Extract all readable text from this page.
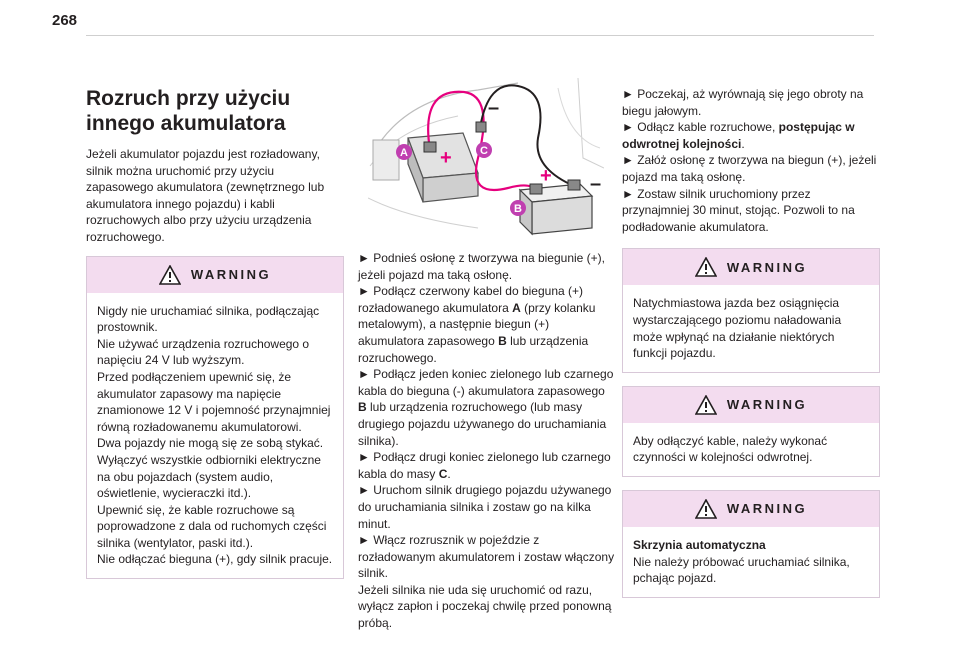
268
Rozruch przy użyciu innego akumulatora

Jeżeli akumulator pojazdu jest rozładowany, silnik można uruchomić przy użyciu zapasowego akumulatora (zewnętrznego lub akumulatora innego pojazdu) i kabli rozruchowych albo przy użyciu urządzenia rozruchowego.

WARNING

Nigdy nie uruchamiać silnika, podłączając prostownik.
Nie używać urządzenia rozruchowego o napięciu 24 V lub wyższym.
Przed podłączeniem upewnić się, że akumulator zapasowy ma napięcie znamionowe 12 V i pojemność przynajmniej równą rozładowanemu akumulatorowi.
Dwa pojazdy nie mogą się ze sobą stykać.
Wyłączyć wszystkie odbiorniki elektryczne na obu pojazdach (system audio, oświetlenie, wycieraczki itd.).
Upewnić się, że kable rozruchowe są poprowadzone z dala od ruchomych części silnika (wentylator, paski itd.).
Nie odłączać bieguna (+), gdy silnik pracuje.

+
+
–
–
A	C
B

► Podnieś osłonę z tworzywa na biegunie (+), jeżeli pojazd ma taką osłonę.

► Podłącz czerwony kabel do bieguna (+) rozładowanego akumulatora A (przy kolanku metalowym), a następnie biegun (+) akumulatora zapasowego B lub urządzenia rozruchowego.

► Podłącz jeden koniec zielonego lub czarnego kabla do bieguna (-) akumulatora zapasowego B lub urządzenia rozruchowego (lub masy drugiego pojazdu używanego do uruchamiania silnika).

► Podłącz drugi koniec zielonego lub czarnego kabla do masy C.

► Uruchom silnik drugiego pojazdu używanego do uruchamiania silnika i zostaw go na kilka minut.

► Włącz rozrusznik w pojeździe z rozładowanym akumulatorem i zostaw włączony silnik.

Jeżeli silnika nie uda się uruchomić od razu, wyłącz zapłon i poczekaj chwilę przed ponowną próbą.

► Poczekaj, aż wyrównają się jego obroty na biegu jałowym.

► Odłącz kable rozruchowe, postępując w odwrotnej kolejności.

► Załóż osłonę z tworzywa na biegun (+), jeżeli pojazd ma taką osłonę.

► Zostaw silnik uruchomiony przez przynajmniej 30 minut, stojąc. Pozwoli to na podładowanie akumulatora.

WARNING

Natychmiastowa jazda bez osiągnięcia wystarczającego poziomu naładowania może wpłynąć na działanie niektórych funkcji pojazdu.

WARNING

Aby odłączyć kable, należy wykonać czynności w kolejności odwrotnej.

WARNING

Skrzynia automatyczna

Nie należy próbować uruchamiać silnika, pchając pojazd.
